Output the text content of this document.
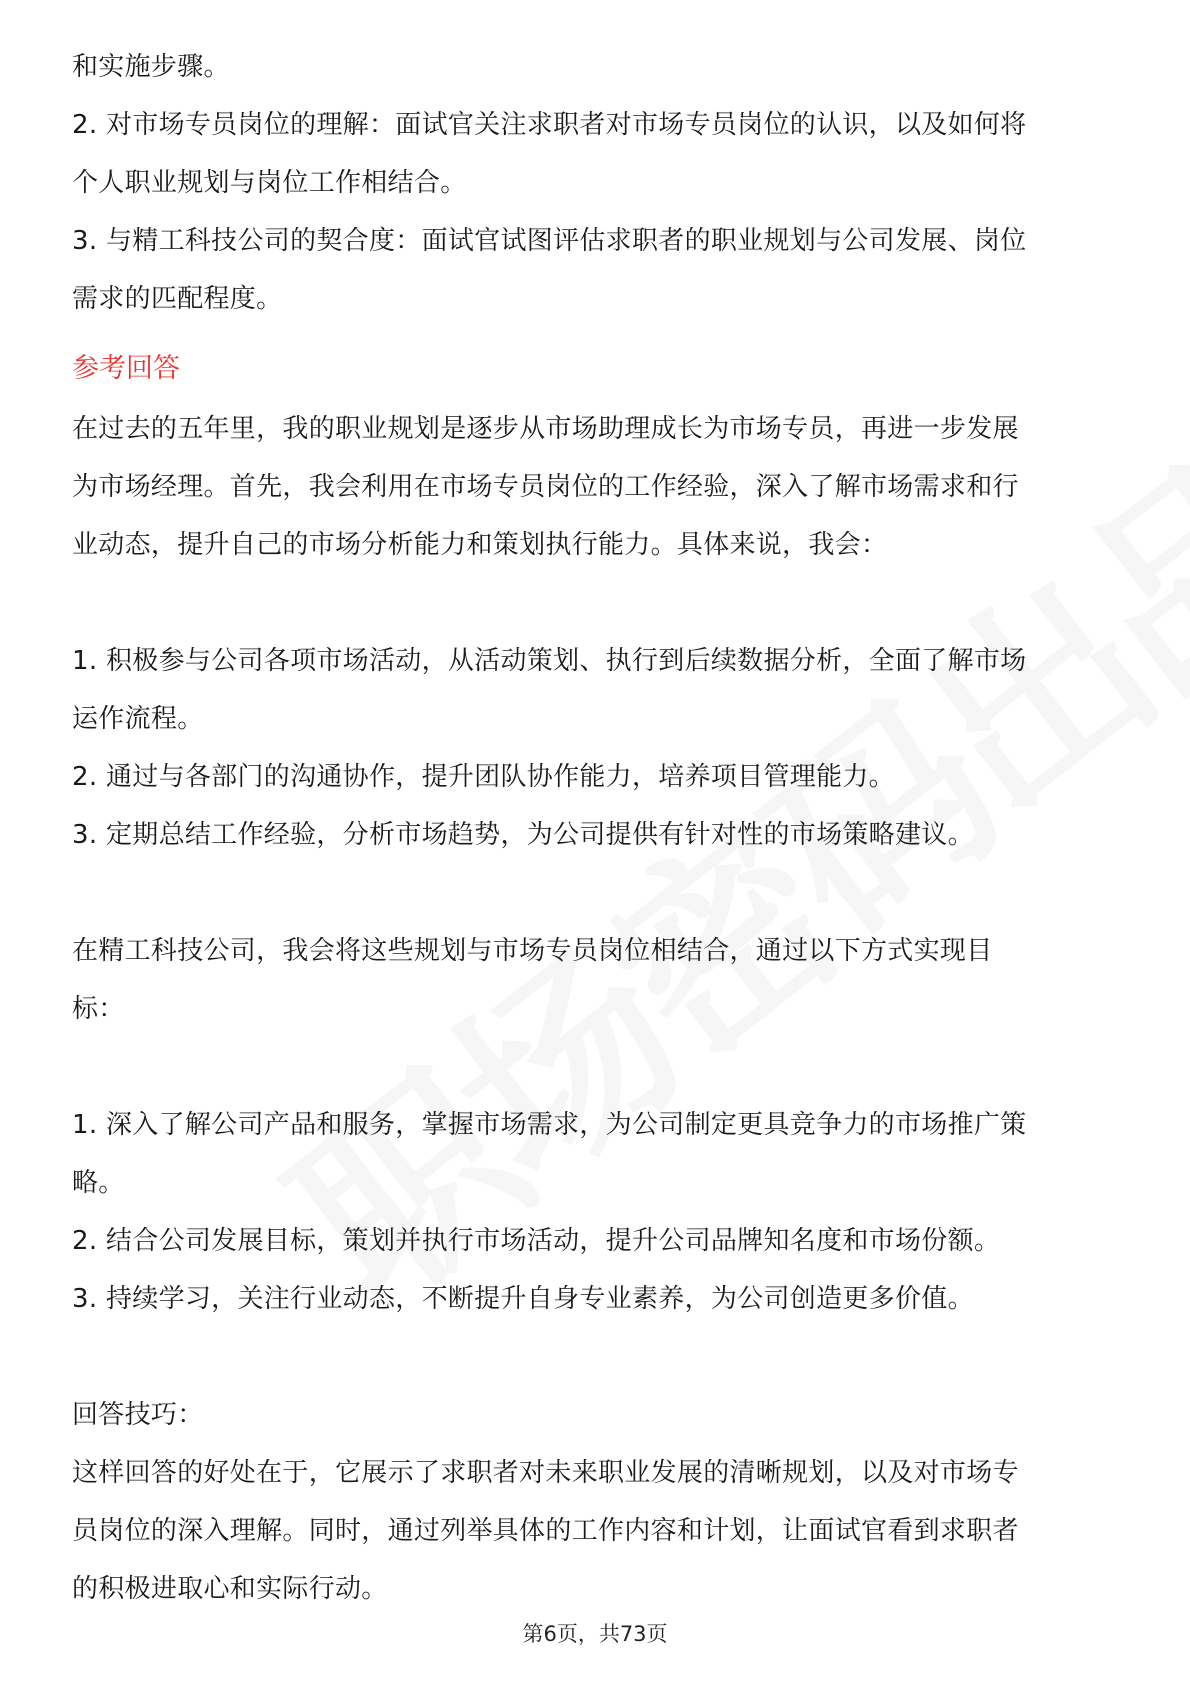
和实施步骤。
2. 对市场专员岗位的理解：面试官关注求职者对市场专员岗位的认识，以及如何将
个人职业规划与岗位工作相结合。
3. 与精工科技公司的契合度：面试官试图评估求职者的职业规划与公司发展、岗位
需求的匹配程度。
参考回答
在过去的五年里，我的职业规划是逐步从市场助理成长为市场专员，再进一步发展
为市场经理。首先，我会利用在市场专员岗位的工作经验，深入了解市场需求和行
业动态，提升自己的市场分析能力和策划执行能力。具体来说，我会：
1. 积极参与公司各项市场活动，从活动策划、执行到后续数据分析，全面了解市场
运作流程。
2. 通过与各部门的沟通协作，提升团队协作能力，培养项目管理能力。
3. 定期总结工作经验，分析市场趋势，为公司提供有针对性的市场策略建议。
在精工科技公司，我会将这些规划与市场专员岗位相结合，通过以下方式实现目
标：
1. 深入了解公司产品和服务，掌握市场需求，为公司制定更具竞争力的市场推广策
略。
2. 结合公司发展目标，策划并执行市场活动，提升公司品牌知名度和市场份额。
3. 持续学习，关注行业动态，不断提升自身专业素养，为公司创造更多价值。
回答技巧：
这样回答的好处在于，它展示了求职者对未来职业发展的清晰规划，以及对市场专
员岗位的深入理解。同时，通过列举具体的工作内容和计划，让面试官看到求职者
的积极进取心和实际行动。
第6页，共73页
